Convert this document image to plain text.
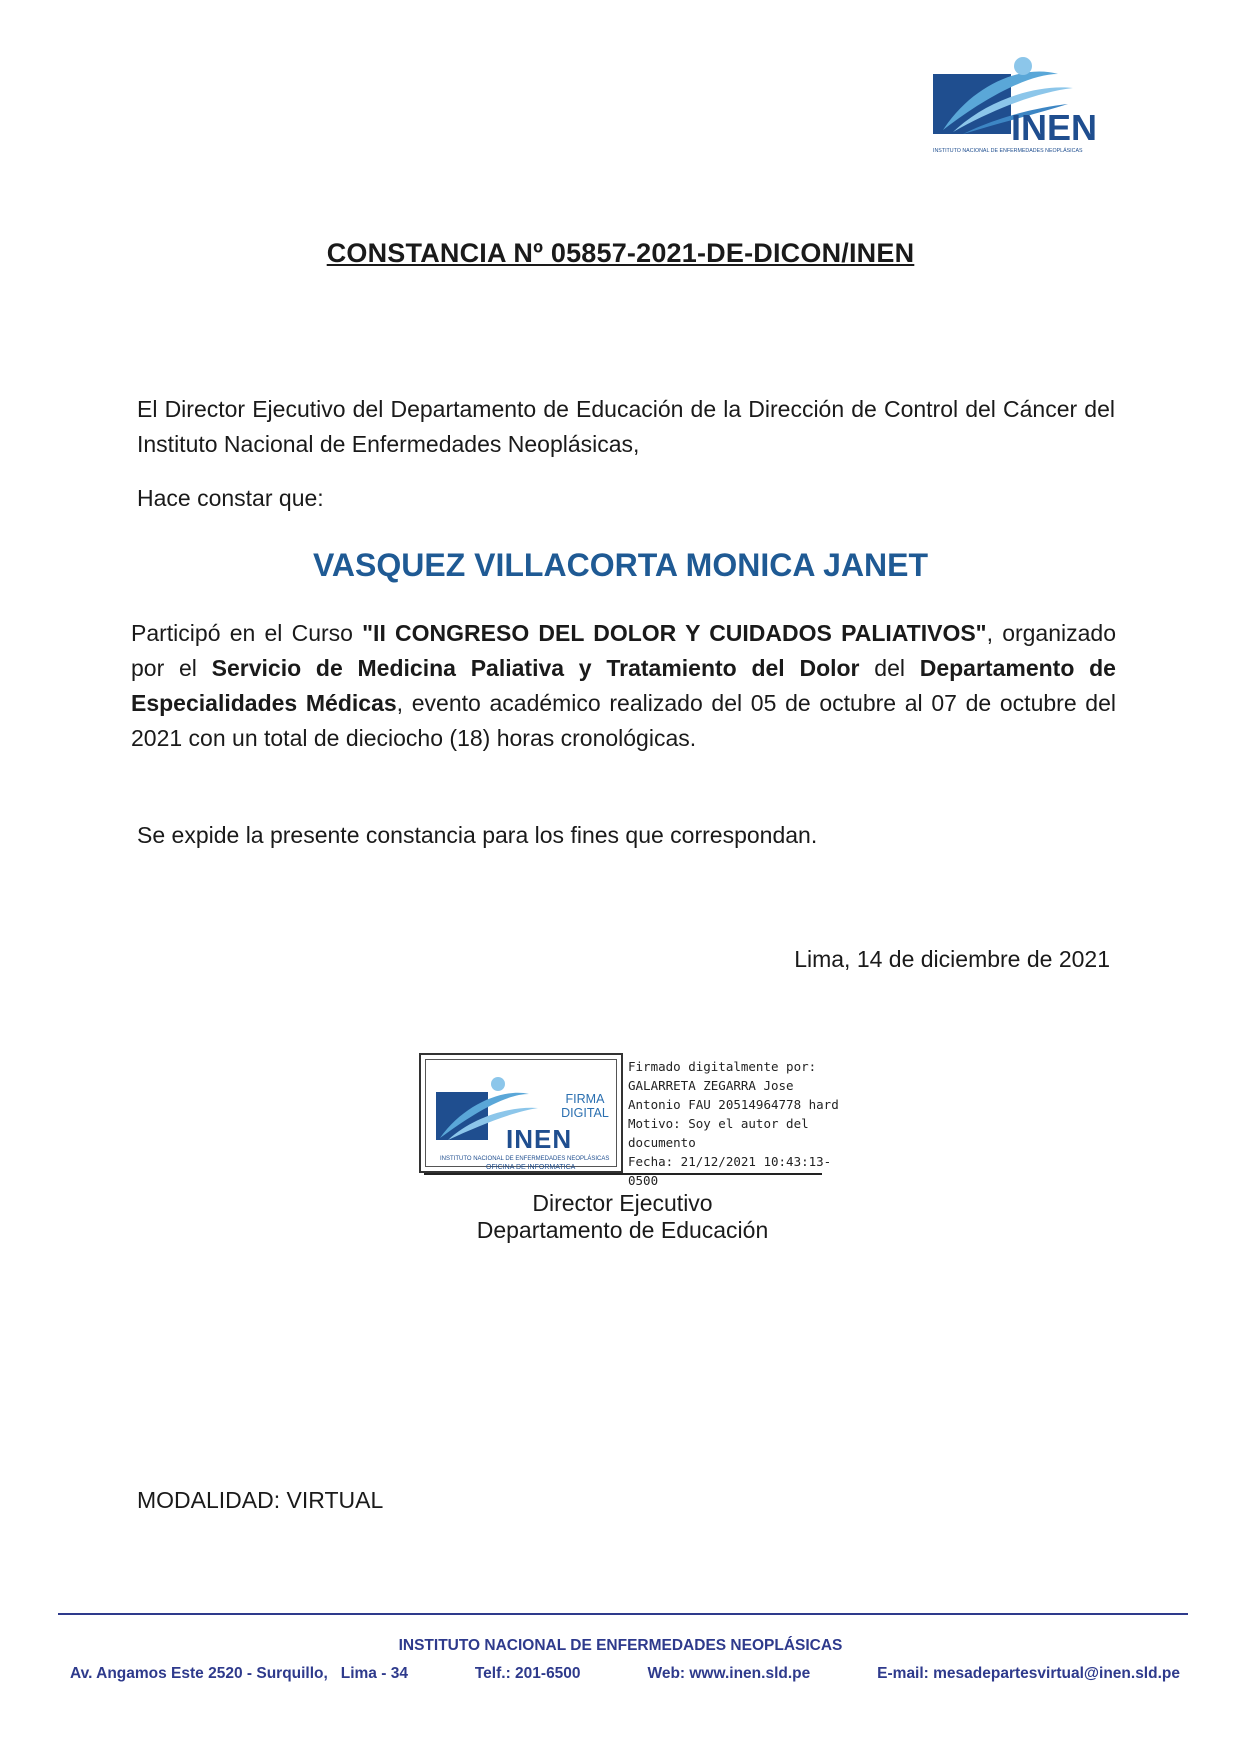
INEN
INSTITUTO NACIONAL DE ENFERMEDADES NEOPLÁSICAS
CONSTANCIA Nº 05857-2021-DE-DICON/INEN
El Director Ejecutivo del Departamento de Educación de la Dirección de Control del Cáncer del Instituto Nacional de Enfermedades Neoplásicas,
Hace constar que:
VASQUEZ VILLACORTA MONICA JANET
Participó en el Curso "II CONGRESO DEL DOLOR Y CUIDADOS PALIATIVOS", organizado por el Servicio de Medicina Paliativa y Tratamiento del Dolor del Departamento de Especialidades Médicas, evento académico realizado del 05 de octubre al 07 de octubre del 2021 con un total de dieciocho (18) horas cronológicas.
Se expide la presente constancia para los fines que correspondan.
Lima, 14 de diciembre de 2021
FIRMA
DIGITAL
INEN
INSTITUTO NACIONAL DE ENFERMEDADES NEOPLÁSICAS
OFICINA DE INFORMATICA
Firmado digitalmente por:
GALARRETA ZEGARRA Jose
Antonio FAU 20514964778 hard
Motivo: Soy el autor del
documento
Fecha: 21/12/2021 10:43:13-0500
Director Ejecutivo
Departamento de Educación
MODALIDAD: VIRTUAL
INSTITUTO NACIONAL DE ENFERMEDADES NEOPLÁSICAS
Av. Angamos Este 2520 - Surquillo,   Lima - 34	Telf.: 201-6500	Web: www.inen.sld.pe	E-mail: mesadepartesvirtual@inen.sld.pe
